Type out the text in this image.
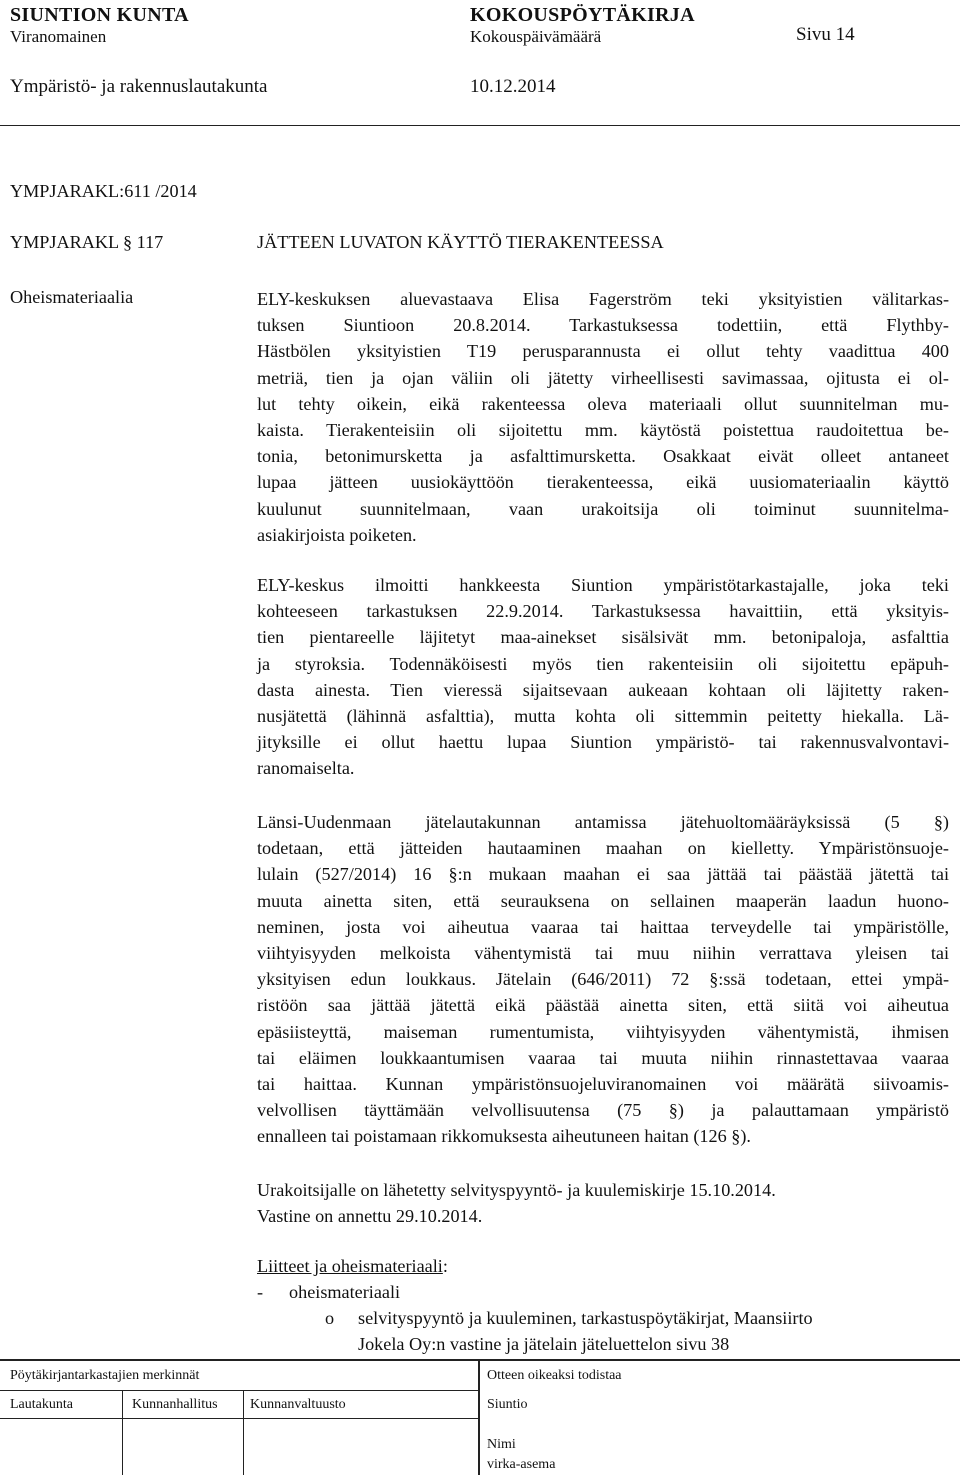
SIUNTION KUNTA	KOKOUSPÖYTÄKIRJA
Viranomainen	Kokouspäivämäärä	Sivu 14
Ympäristö- ja rakennuslautakunta	10.12.2014
YMPJARAKL:611 /2014
YMPJARAKL § 117	JÄTTEEN LUVATON KÄYTTÖ TIERAKENTEESSA
Oheismateriaalia	ELY-keskuksen aluevastaava Elisa Fagerström teki yksityistien välitarkas-
tuksen Siuntioon 20.8.2014. Tarkastuksessa todettiin, että Flythby-
Hästbölen yksityistien T19 perusparannusta ei ollut tehty vaadittua 400
metriä, tien ja ojan väliin oli jätetty virheellisesti savimassaa, ojitusta ei ol-
lut tehty oikein, eikä rakenteessa oleva materiaali ollut suunnitelman mu-
kaista. Tierakenteisiin oli sijoitettu mm. käytöstä poistettua raudoitettua be-
tonia, betonimursketta ja asfalttimursketta. Osakkaat eivät olleet antaneet
lupaa jätteen uusiokäyttöön tierakenteessa, eikä uusiomateriaalin käyttö
kuulunut suunnitelmaan, vaan urakoitsija oli toiminut suunnitelma-
asiakirjoista poiketen.
ELY-keskus ilmoitti hankkeesta Siuntion ympäristötarkastajalle, joka teki
kohteeseen tarkastuksen 22.9.2014. Tarkastuksessa havaittiin, että yksityis-
tien pientareelle läjitetyt maa-ainekset sisälsivät mm. betonipaloja, asfalttia
ja styroksia. Todennäköisesti myös tien rakenteisiin oli sijoitettu epäpuh-
dasta ainesta. Tien vieressä sijaitsevaan aukeaan kohtaan oli läjitetty raken-
nusjätettä (lähinnä asfalttia), mutta kohta oli sittemmin peitetty hiekalla. Lä-
jityksille ei ollut haettu lupaa Siuntion ympäristö- tai rakennusvalvontavi-
ranomaiselta.
Länsi-Uudenmaan jätelautakunnan antamissa jätehuoltomääräyksissä (5 §)
todetaan, että jätteiden hautaaminen maahan on kielletty. Ympäristönsuoje-
lulain (527/2014) 16 §:n mukaan maahan ei saa jättää tai päästää jätettä tai
muuta ainetta siten, että seurauksena on sellainen maaperän laadun huono-
neminen, josta voi aiheutua vaaraa tai haittaa terveydelle tai ympäristölle,
viihtyisyyden melkoista vähentymistä tai muu niihin verrattava yleisen tai
yksityisen edun loukkaus. Jätelain (646/2011) 72 §:ssä todetaan, ettei ympä-
ristöön saa jättää jätettä eikä päästää ainetta siten, että siitä voi aiheutua
epäsiisteyttä, maiseman rumentumista, viihtyisyyden vähentymistä, ihmisen
tai eläimen loukkaantumisen vaaraa tai muuta niihin rinnastettavaa vaaraa
tai haittaa. Kunnan ympäristönsuojeluviranomainen voi määrätä siivoamis-
velvollisen täyttämään velvollisuutensa (75 §) ja palauttamaan ympäristö
ennalleen tai poistamaan rikkomuksesta aiheutuneen haitan (126 §).
Urakoitsijalle on lähetetty selvityspyyntö- ja kuulemiskirje 15.10.2014.
Vastine on annettu 29.10.2014.
Liitteet ja oheismateriaali:
- oheismateriaali
o selvityspyyntö ja kuuleminen, tarkastuspöytäkirjat, Maansiirto
Jokela Oy:n vastine ja jätelain jäteluettelon sivu 38
Pöytäkirjantarkastajien merkinnät	Otteen oikeaksi todistaa
Lautakunta	Kunnanhallitus Kunnanvaltuusto	Siuntio
Nimi
virka-asema
